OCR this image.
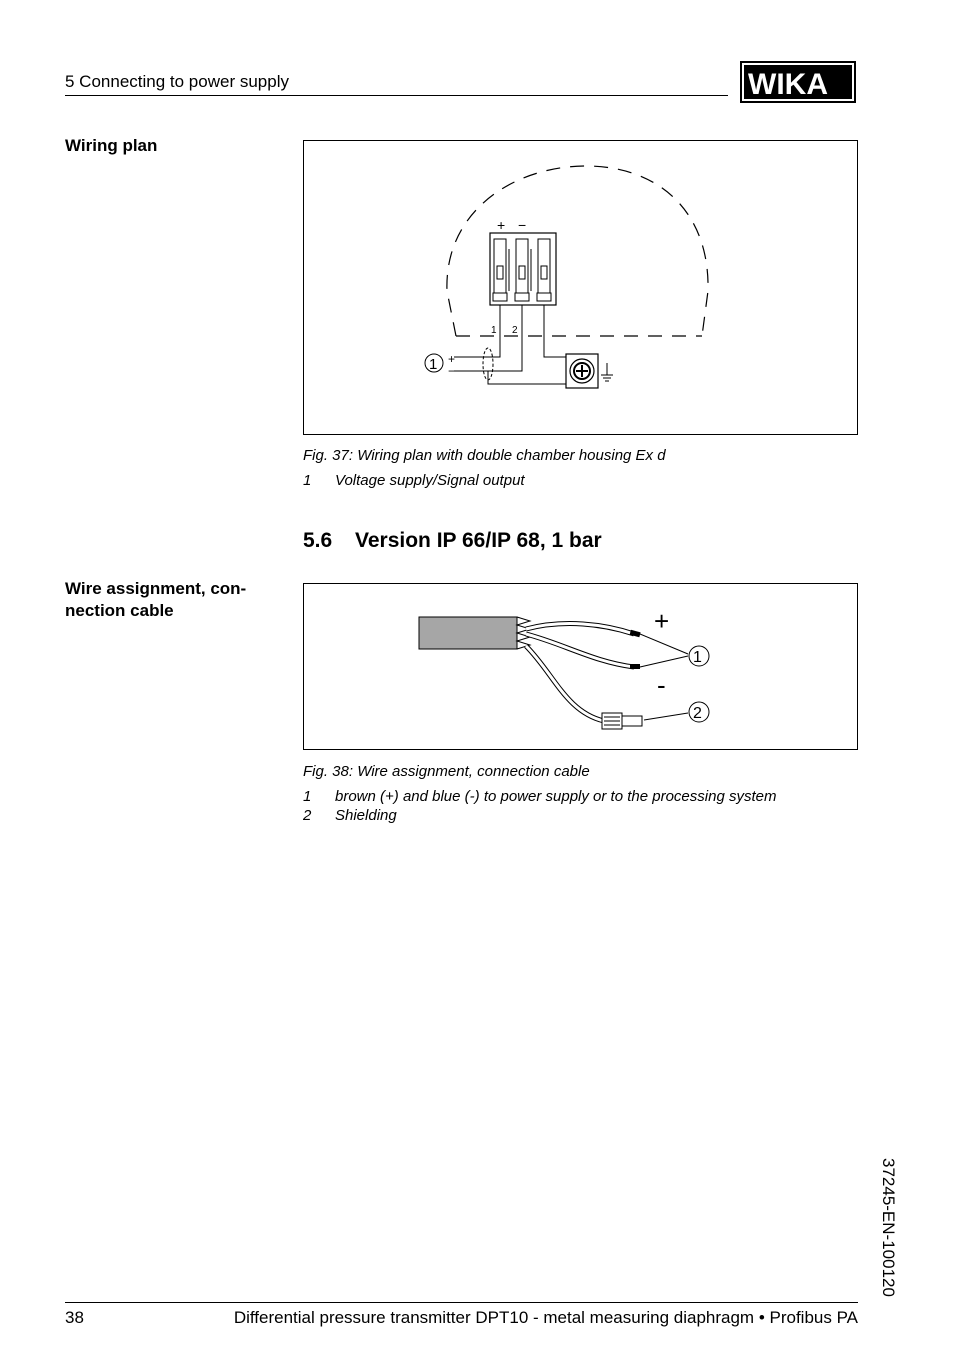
5 Connecting to power supply	WIKA
Wiring plan
+ −
1 2
1 +
−
Fig. 37: Wiring plan with double chamber housing Ex d
1 Voltage supply/Signal output
5.6 Version IP 66/IP 68, 1 bar
Wire assignment, con-
nection cable	+
-
1
2
Fig. 38: Wire assignment, connection cable
1 brown (+) and blue (-) to power supply or to the processing system
2 Shielding
37245-EN-100120
38	Differential pressure transmitter DPT10 - metal measuring diaphragm • Profibus PA
